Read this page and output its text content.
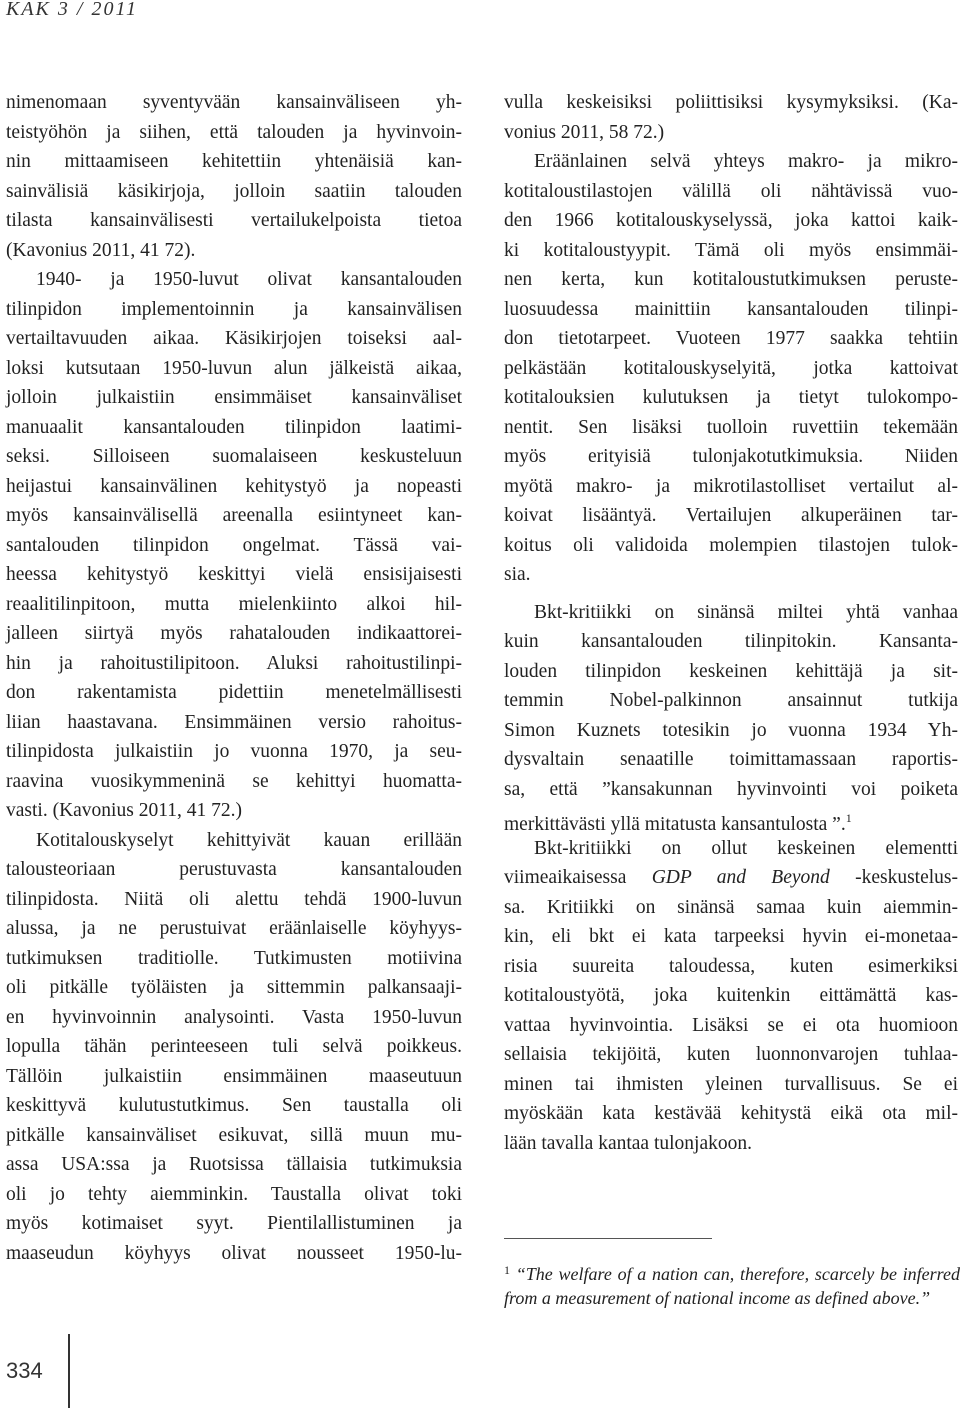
KAK 3 / 2011
nimenomaan syventyvään kansainväliseen yh-
teistyöhön ja siihen, että talouden ja hyvinvoin-
nin mittaamiseen kehitettiin yhtenäisiä kan-
sainvälisiä käsikirjoja, jolloin saatiin talouden
tilasta kansainvälisesti vertailukelpoista tietoa
(Kavonius 2011, 41 72).
1940- ja 1950-luvut olivat kansantalouden
tilinpidon implementoinnin ja kansainvälisen
vertailtavuuden aikaa. Käsikirjojen toiseksi aal-
loksi kutsutaan 1950-luvun alun jälkeistä aikaa,
jolloin julkaistiin ensimmäiset kansainväliset
manuaalit kansantalouden tilinpidon laatimi-
seksi. Silloiseen suomalaiseen keskusteluun
heijastui kansainvälinen kehitystyö ja nopeasti
myös kansainvälisellä areenalla esiintyneet kan-
santalouden tilinpidon ongelmat. Tässä vai-
heessa kehitystyö keskittyi vielä ensisijaisesti
reaalitilinpitoon, mutta mielenkiinto alkoi hil-
jalleen siirtyä myös rahatalouden indikaattorei-
hin ja rahoitustilipitoon. Aluksi rahoitustilinpi-
don rakentamista pidettiin menetelmällisesti
liian haastavana. Ensimmäinen versio rahoitus-
tilinpidosta julkaistiin jo vuonna 1970, ja seu-
raavina vuosikymmeninä se kehittyi huomatta-
vasti. (Kavonius 2011, 41 72.)
Kotitalouskyselyt kehittyivät kauan erillään
talousteoriaan perustuvasta kansantalouden
tilinpidosta. Niitä oli alettu tehdä 1900-luvun
alussa, ja ne perustuivat eräänlaiselle köyhyys-
tutkimuksen traditiolle. Tutkimusten motiivina
oli pitkälle työläisten ja sittemmin palkansaaji-
en hyvinvoinnin analysointi. Vasta 1950-luvun
lopulla tähän perinteeseen tuli selvä poikkeus.
Tällöin julkaistiin ensimmäinen maaseutuun
keskittyvä kulutustutkimus. Sen taustalla oli
pitkälle kansainväliset esikuvat, sillä muun mu-
assa USA:ssa ja Ruotsissa tällaisia tutkimuksia
oli jo tehty aiemminkin. Taustalla olivat toki
myös kotimaiset syyt. Pientilallistuminen ja
maaseudun köyhyys olivat nousseet 1950-lu-
vulla keskeisiksi poliittisiksi kysymyksiksi. (Ka-
vonius 2011, 58 72.)
Eräänlainen selvä yhteys makro- ja mikro-
kotitaloustilastojen välillä oli nähtävissä vuo-
den 1966 kotitalouskyselyssä, joka kattoi kaik-
ki kotitaloustyypit. Tämä oli myös ensimmäi-
nen kerta, kun kotitaloustutkimuksen peruste-
luosuudessa mainittiin kansantalouden tilinpi-
don tietotarpeet. Vuoteen 1977 saakka tehtiin
pelkästään kotitalouskyselyitä, jotka kattoivat
kotitalouksien kulutuksen ja tietyt tulokompo-
nentit. Sen lisäksi tuolloin ruvettiin tekemään
myös erityisiä tulonjakotutkimuksia. Niiden
myötä makro- ja mikrotilastolliset vertailut al-
koivat lisääntyä. Vertailujen alkuperäinen tar-
koitus oli validoida molempien tilastojen tulok-
sia.
Bkt-kritiikki on sinänsä miltei yhtä vanhaa
kuin kansantalouden tilinpitokin. Kansanta-
louden tilinpidon keskeinen kehittäjä ja sit-
temmin Nobel-palkinnon ansainnut tutkija
Simon Kuznets totesikin jo vuonna 1934 Yh-
dysvaltain senaatille toimittamassaan raportis-
sa, että ”kansakunnan hyvinvointi voi poiketa
merkittävästi yllä mitatusta kansantulosta ”.$^1$
Bkt-kritiikki on ollut keskeinen elementti
viimeaikaisessa GDP and Beyond -keskustelus-
sa. Kritiikki on sinänsä samaa kuin aiemmin-
kin, eli bkt ei kata tarpeeksi hyvin ei-monetaa-
risia suureita taloudessa, kuten esimerkiksi
kotitaloustyötä, joka kuitenkin eittämättä kas-
vattaa hyvinvointia. Lisäksi se ei ota huomioon
sellaisia tekijöitä, kuten luonnonvarojen tuhlaa-
minen tai ihmisten yleinen turvallisuus. Se ei
myöskään kata kestävää kehitystä eikä ota mil-
lään tavalla kantaa tulonjakoon.
$^1$ “The welfare of a nation can, therefore, scarcely be inferred
from a measurement of national income as defined above.”
334
